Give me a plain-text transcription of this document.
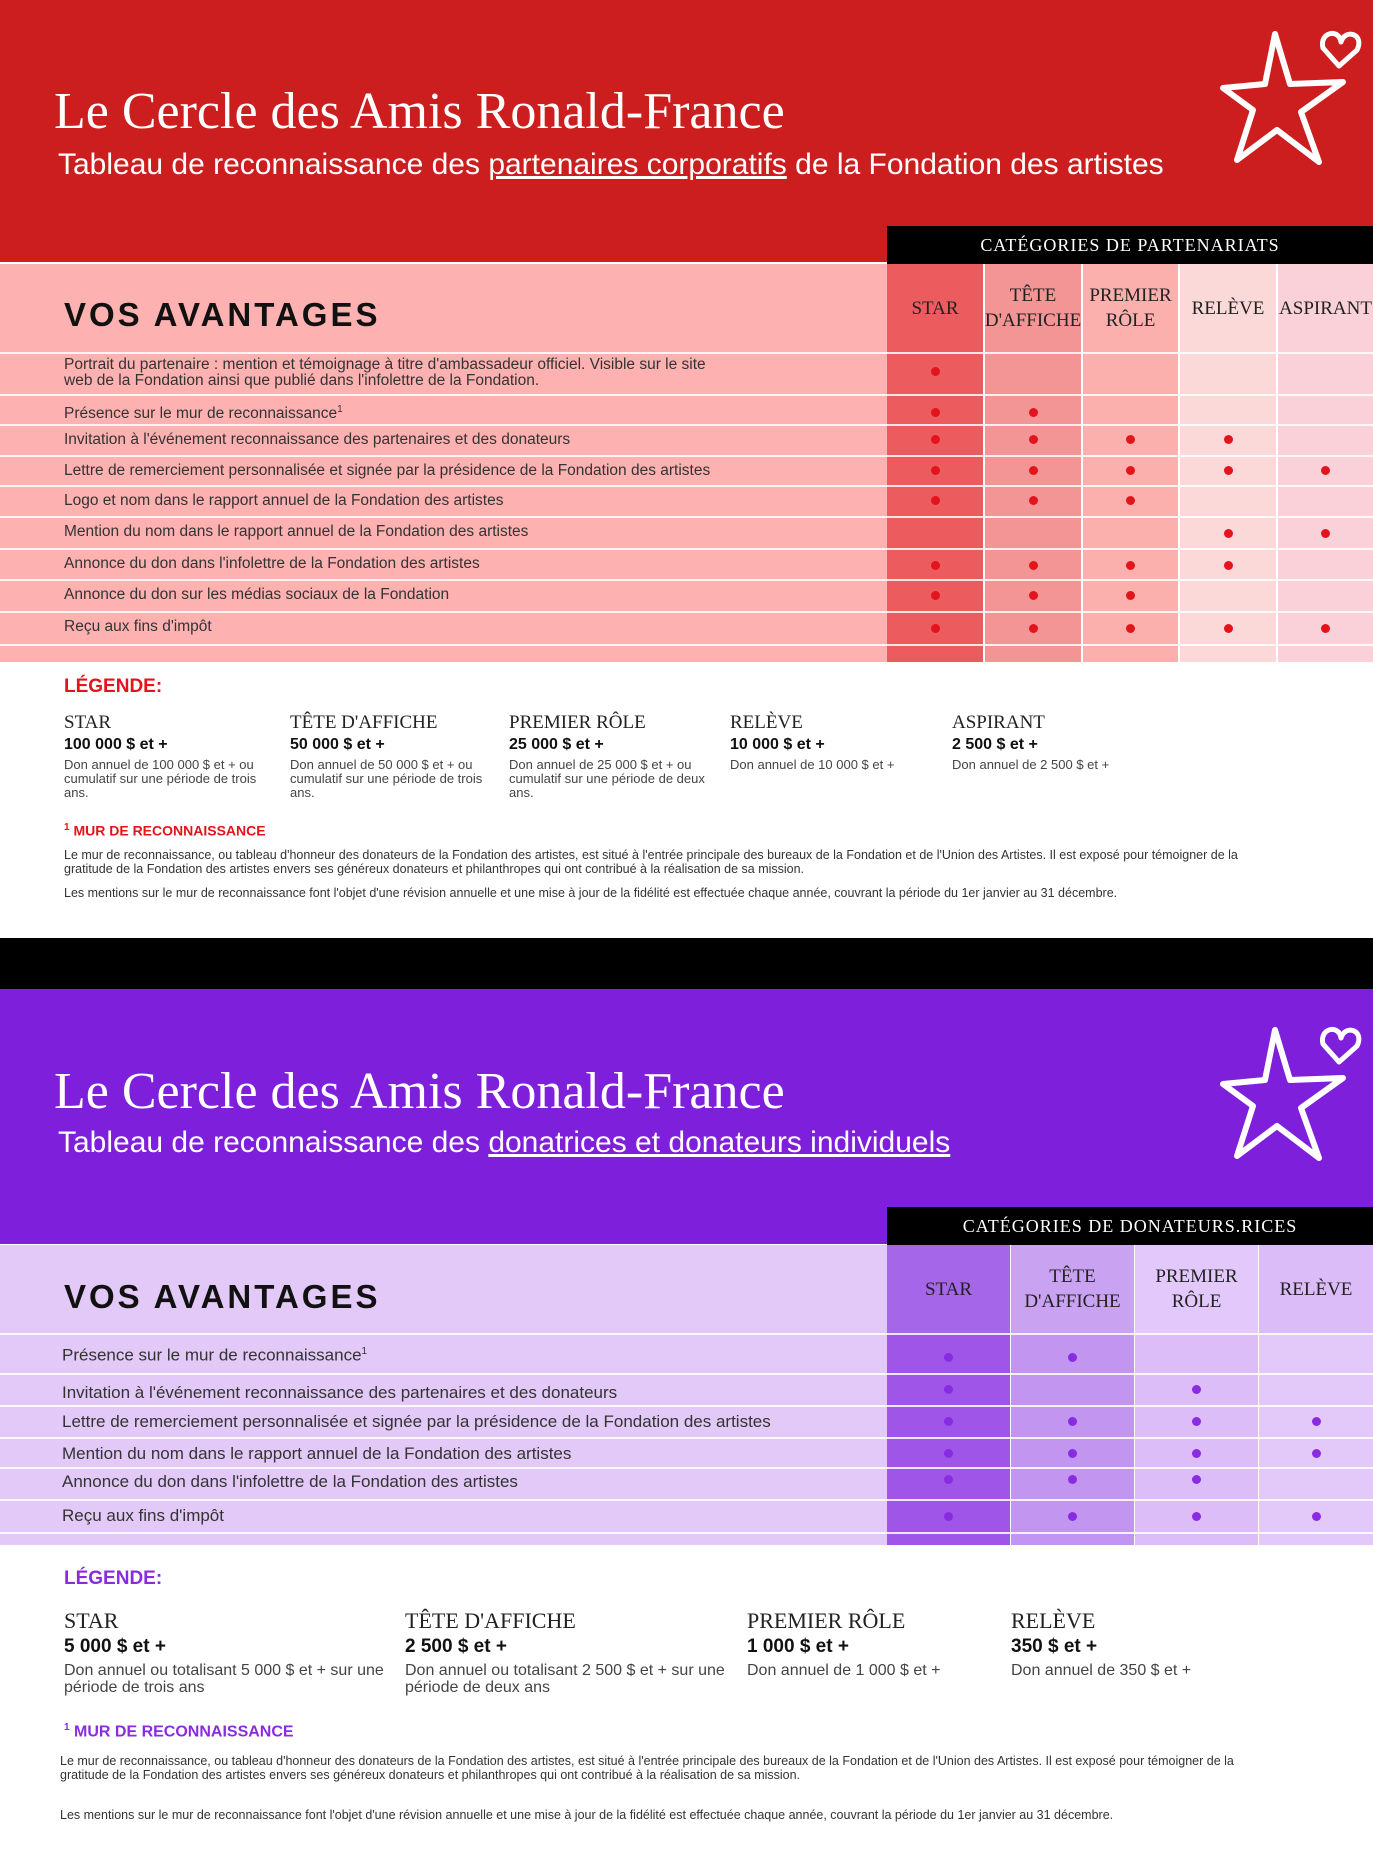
Le Cercle des Amis Ronald-France
Tableau de reconnaissance des partenaires corporatifs de la Fondation des artistes
CATÉGORIES DE PARTENARIATS
STAR
TÊTE
D'AFFICHE
PREMIER
RÔLE
RELÈVE ASPIRANT
VOS AVANTAGES
Portrait du partenaire : mention et témoignage à titre d'ambassadeur officiel. Visible sur le site
web de la Fondation ainsi que publié dans l'infolettre de la Fondation.
Présence sur le mur de reconnaissance$^1$
Invitation à l'événement reconnaissance des partenaires et des donateurs
Lettre de remerciement personnalisée et signée par la présidence de la Fondation des artistes
Logo et nom dans le rapport annuel de la Fondation des artistes
Mention du nom dans le rapport annuel de la Fondation des artistes
Annonce du don dans l'infolettre de la Fondation des artistes
Annonce du don sur les médias sociaux de la Fondation
Reçu aux fins d'impôt
LÉGENDE:
STAR
100 000 $ et +
Don annuel de 100 000 $ et + ou cumulatif sur une période de trois ans.
TÊTE D'AFFICHE
50 000 $ et +
Don annuel de 50 000 $ et + ou cumulatif sur une période de trois ans.
PREMIER RÔLE
25 000 $ et +
Don annuel de 25 000 $ et + ou cumulatif sur une période de deux ans.
RELÈVE
10 000 $ et +
Don annuel de 10 000 $ et +
ASPIRANT
2 500 $ et +
Don annuel de 2 500 $ et +
$^1$ MUR DE RECONNAISSANCE
Le mur de reconnaissance, ou tableau d'honneur des donateurs de la Fondation des artistes, est situé à l'entrée principale des bureaux de la Fondation et de l'Union des Artistes. Il est exposé pour témoigner de la gratitude de la Fondation des artistes envers ses généreux donateurs et philanthropes qui ont contribué à la réalisation de sa mission.
Les mentions sur le mur de reconnaissance font l'objet d'une révision annuelle et une mise à jour de la fidélité est effectuée chaque année, couvrant la période du 1er janvier au 31 décembre.
Le Cercle des Amis Ronald-France
Tableau de reconnaissance des donatrices et donateurs individuels
CATÉGORIES DE DONATEURS.RICES
STAR
TÊTE
D'AFFICHE
PREMIER
RÔLE
RELÈVE
VOS AVANTAGES
Présence sur le mur de reconnaissance$^1$
Invitation à l'événement reconnaissance des partenaires et des donateurs
Lettre de remerciement personnalisée et signée par la présidence de la Fondation des artistes
Mention du nom dans le rapport annuel de la Fondation des artistes
Annonce du don dans l'infolettre de la Fondation des artistes
Reçu aux fins d'impôt
LÉGENDE:
STAR
5 000 $ et +
Don annuel ou totalisant 5 000 $ et + sur une période de trois ans
TÊTE D'AFFICHE
2 500 $ et +
Don annuel ou totalisant 2 500 $ et + sur une période de deux ans
PREMIER RÔLE
1 000 $ et +
Don annuel de 1 000 $ et +
RELÈVE
350 $ et +
Don annuel de 350 $ et +
$^1$ MUR DE RECONNAISSANCE
Le mur de reconnaissance, ou tableau d'honneur des donateurs de la Fondation des artistes, est situé à l'entrée principale des bureaux de la Fondation et de l'Union des Artistes. Il est exposé pour témoigner de la gratitude de la Fondation des artistes envers ses généreux donateurs et philanthropes qui ont contribué à la réalisation de sa mission.
Les mentions sur le mur de reconnaissance font l'objet d'une révision annuelle et une mise à jour de la fidélité est effectuée chaque année, couvrant la période du 1er janvier au 31 décembre.
